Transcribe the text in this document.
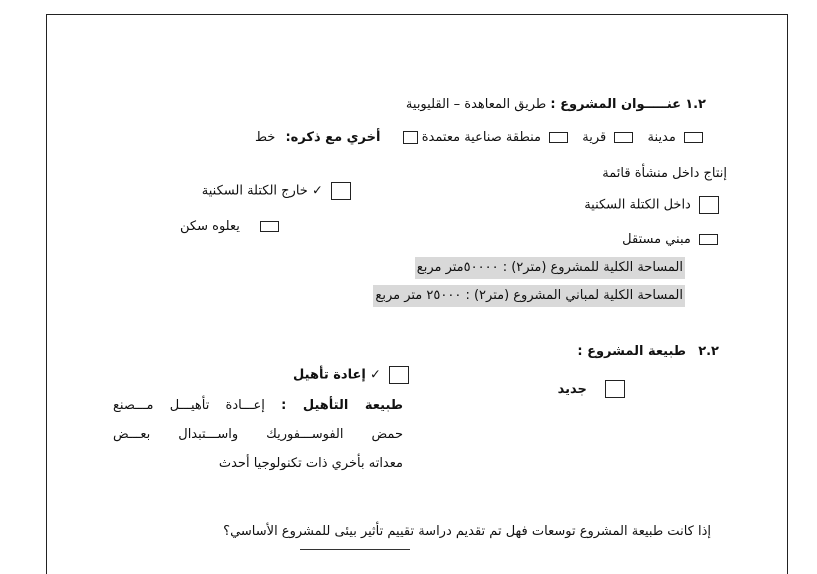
١.٢ عنـــــوان المشروع : طريق المعاهدة – القليوبية
مدينة  قرية  منطقة صناعية معتمدة  أخري مع ذكره: خط
إنتاج داخل منشأة قائمة
✓ خارج الكتلة السكنية
داخل الكتلة السكنية
يعلوه سكن
مبني مستقل
المساحة الكلية للمشروع (متر٢) : ٥٠٠٠٠متر مربع
المساحة الكلية لمباني المشروع (متر٢) : ٢٥٠٠٠ متر مربع
٢.٢ طبيعة المشروع :
✓ إعادة تأهيل
جديد
طبيعة التأهيل : إعـــادة تأهيـــل مـــصنع
حمض الفوســـفوريك واســـتبدال بعـــض
معداته بأخري ذات تكنولوجيا أحدث
إذا كانت طبيعة المشروع توسعات فهل تم تقديم دراسة تقييم تأثير بيئى للمشروع الأساسي؟
